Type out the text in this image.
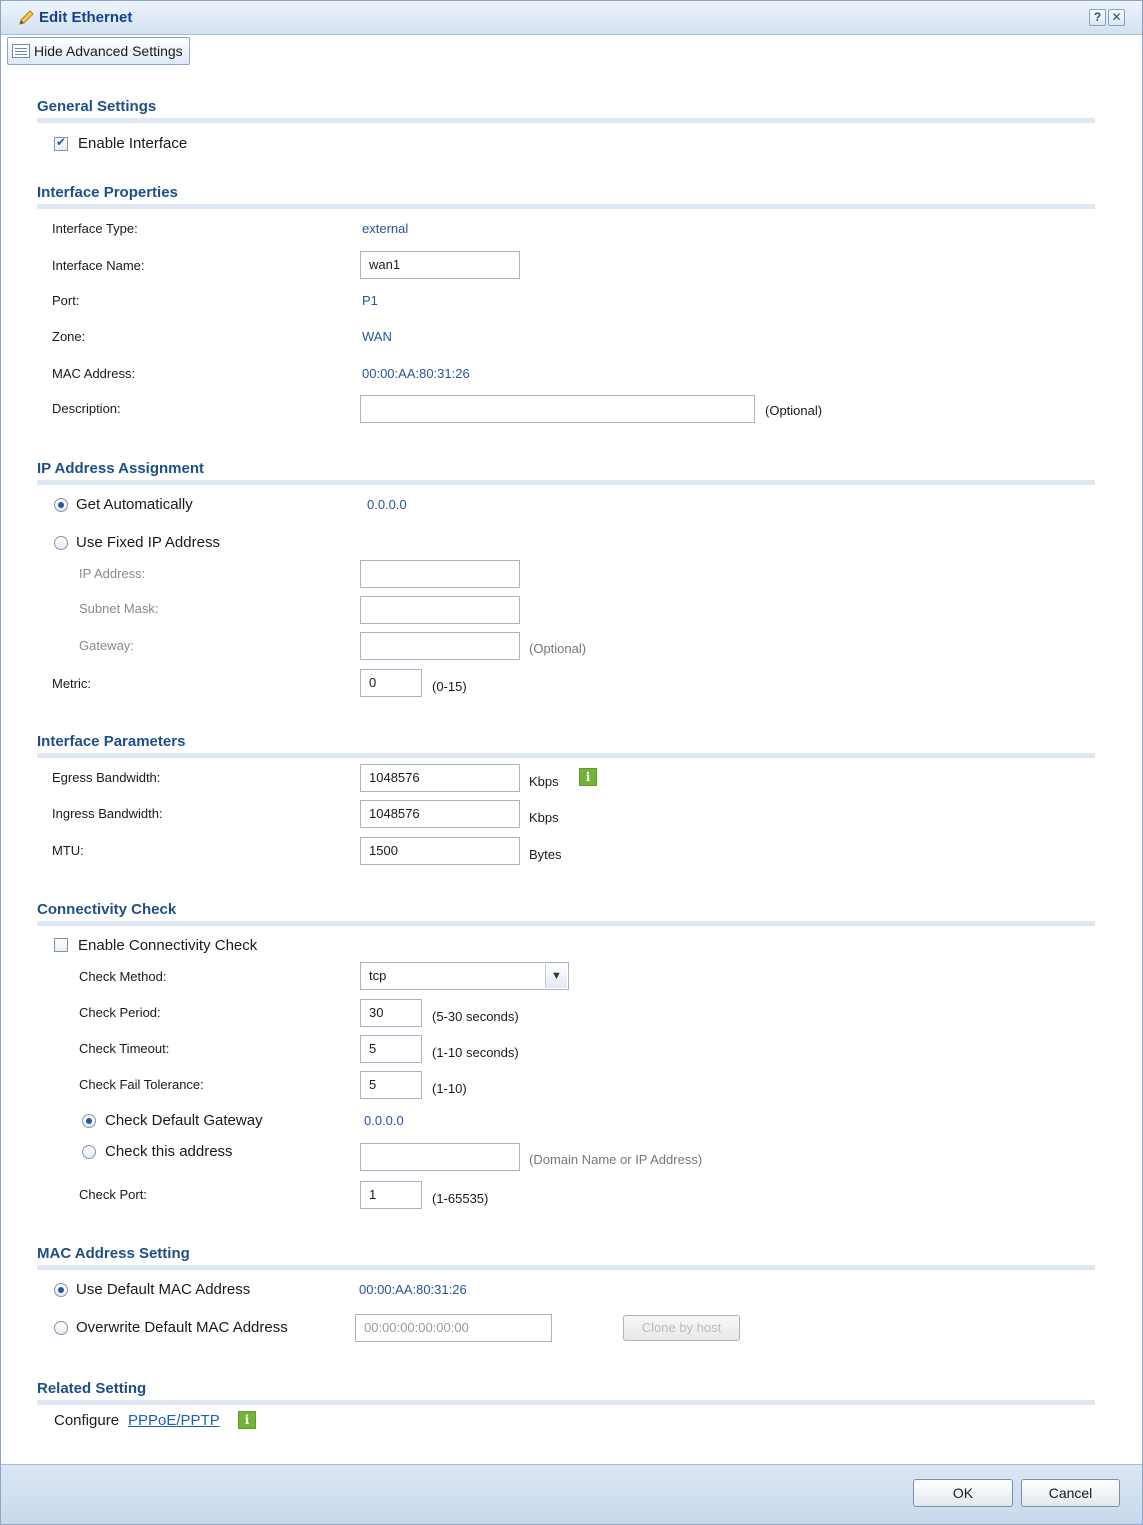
Edit Ethernet	? ✕
Hide Advanced Settings
General Settings
✔
Enable Interface
Interface Properties
Interface Type:	external
Interface Name:	wan1
Port:	P1
Zone:	WAN
MAC Address:	00:00:AA:80:31:26
Description:	(Optional)
IP Address Assignment
Get Automatically	0.0.0.0
Use Fixed IP Address
IP Address:
Subnet Mask:
Gateway:	(Optional)
Metric:	0	(0-15)
Interface Parameters
Egress Bandwidth:	1048576	Kbps	i
Ingress Bandwidth:	1048576	Kbps
MTU:	1500	Bytes
Connectivity Check
Enable Connectivity Check
Check Method:	tcp	▼
Check Period:	30	(5-30 seconds)
Check Timeout:	5	(1-10 seconds)
Check Fail Tolerance:	5	(1-10)
Check Default Gateway	0.0.0.0
Check this address	(Domain Name or IP Address)
Check Port:	1	(1-65535)
MAC Address Setting
Use Default MAC Address	00:00:AA:80:31:26
Overwrite Default MAC Address	00:00:00:00:00:00	Clone by host
Related Setting
Configure PPPoE/PPTP	i
OK	Cancel
